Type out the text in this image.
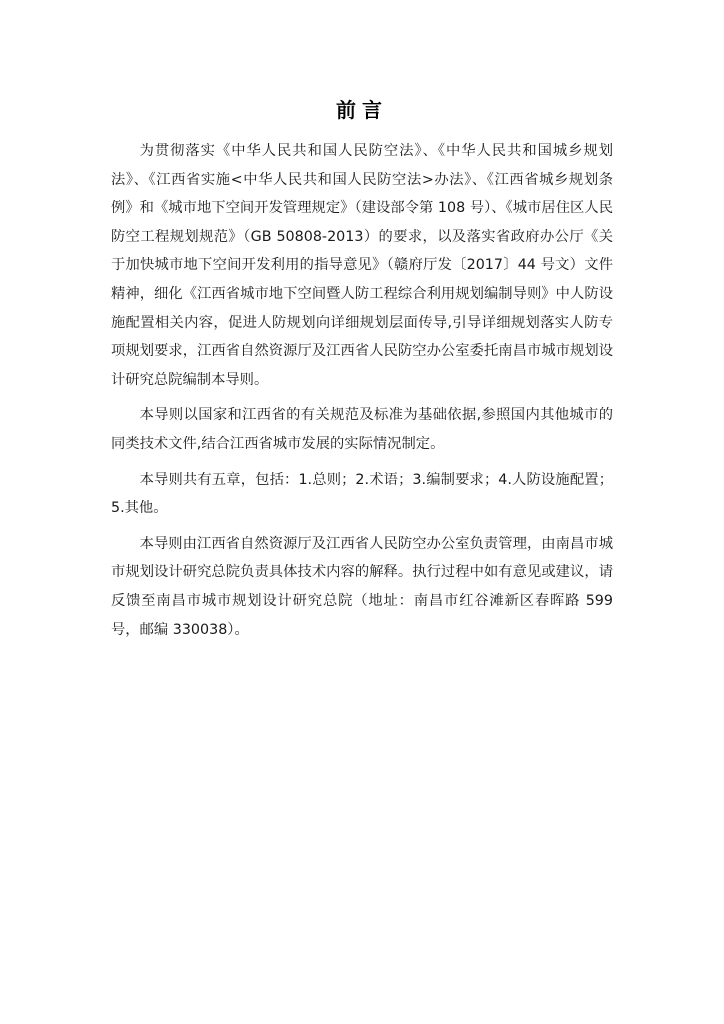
前言

为贯彻落实《中华人民共和国人民防空法》、《中华人民共和国城乡规划法》、《江西省实施<中华人民共和国人民防空法>办法》、《江西省城乡规划条例》和《城市地下空间开发管理规定》（建设部令第 108 号）、《城市居住区人民防空工程规划规范》（GB 50808-2013）的要求，以及落实省政府办公厅《关于加快城市地下空间开发利用的指导意见》（赣府厅发〔2017〕44 号文）文件精神，细化《江西省城市地下空间暨人防工程综合利用规划编制导则》中人防设施配置相关内容，促进人防规划向详细规划层面传导,引导详细规划落实人防专项规划要求，江西省自然资源厅及江西省人民防空办公室委托南昌市城市规划设计研究总院编制本导则。

本导则以国家和江西省的有关规范及标准为基础依据,参照国内其他城市的同类技术文件,结合江西省城市发展的实际情况制定。

本导则共有五章，包括：1.总则；2.术语；3.编制要求；4.人防设施配置；5.其他。

本导则由江西省自然资源厅及江西省人民防空办公室负责管理，由南昌市城市规划设计研究总院负责具体技术内容的解释。执行过程中如有意见或建议，请反馈至南昌市城市规划设计研究总院（地址：南昌市红谷滩新区春晖路 599 号，邮编 330038）。
